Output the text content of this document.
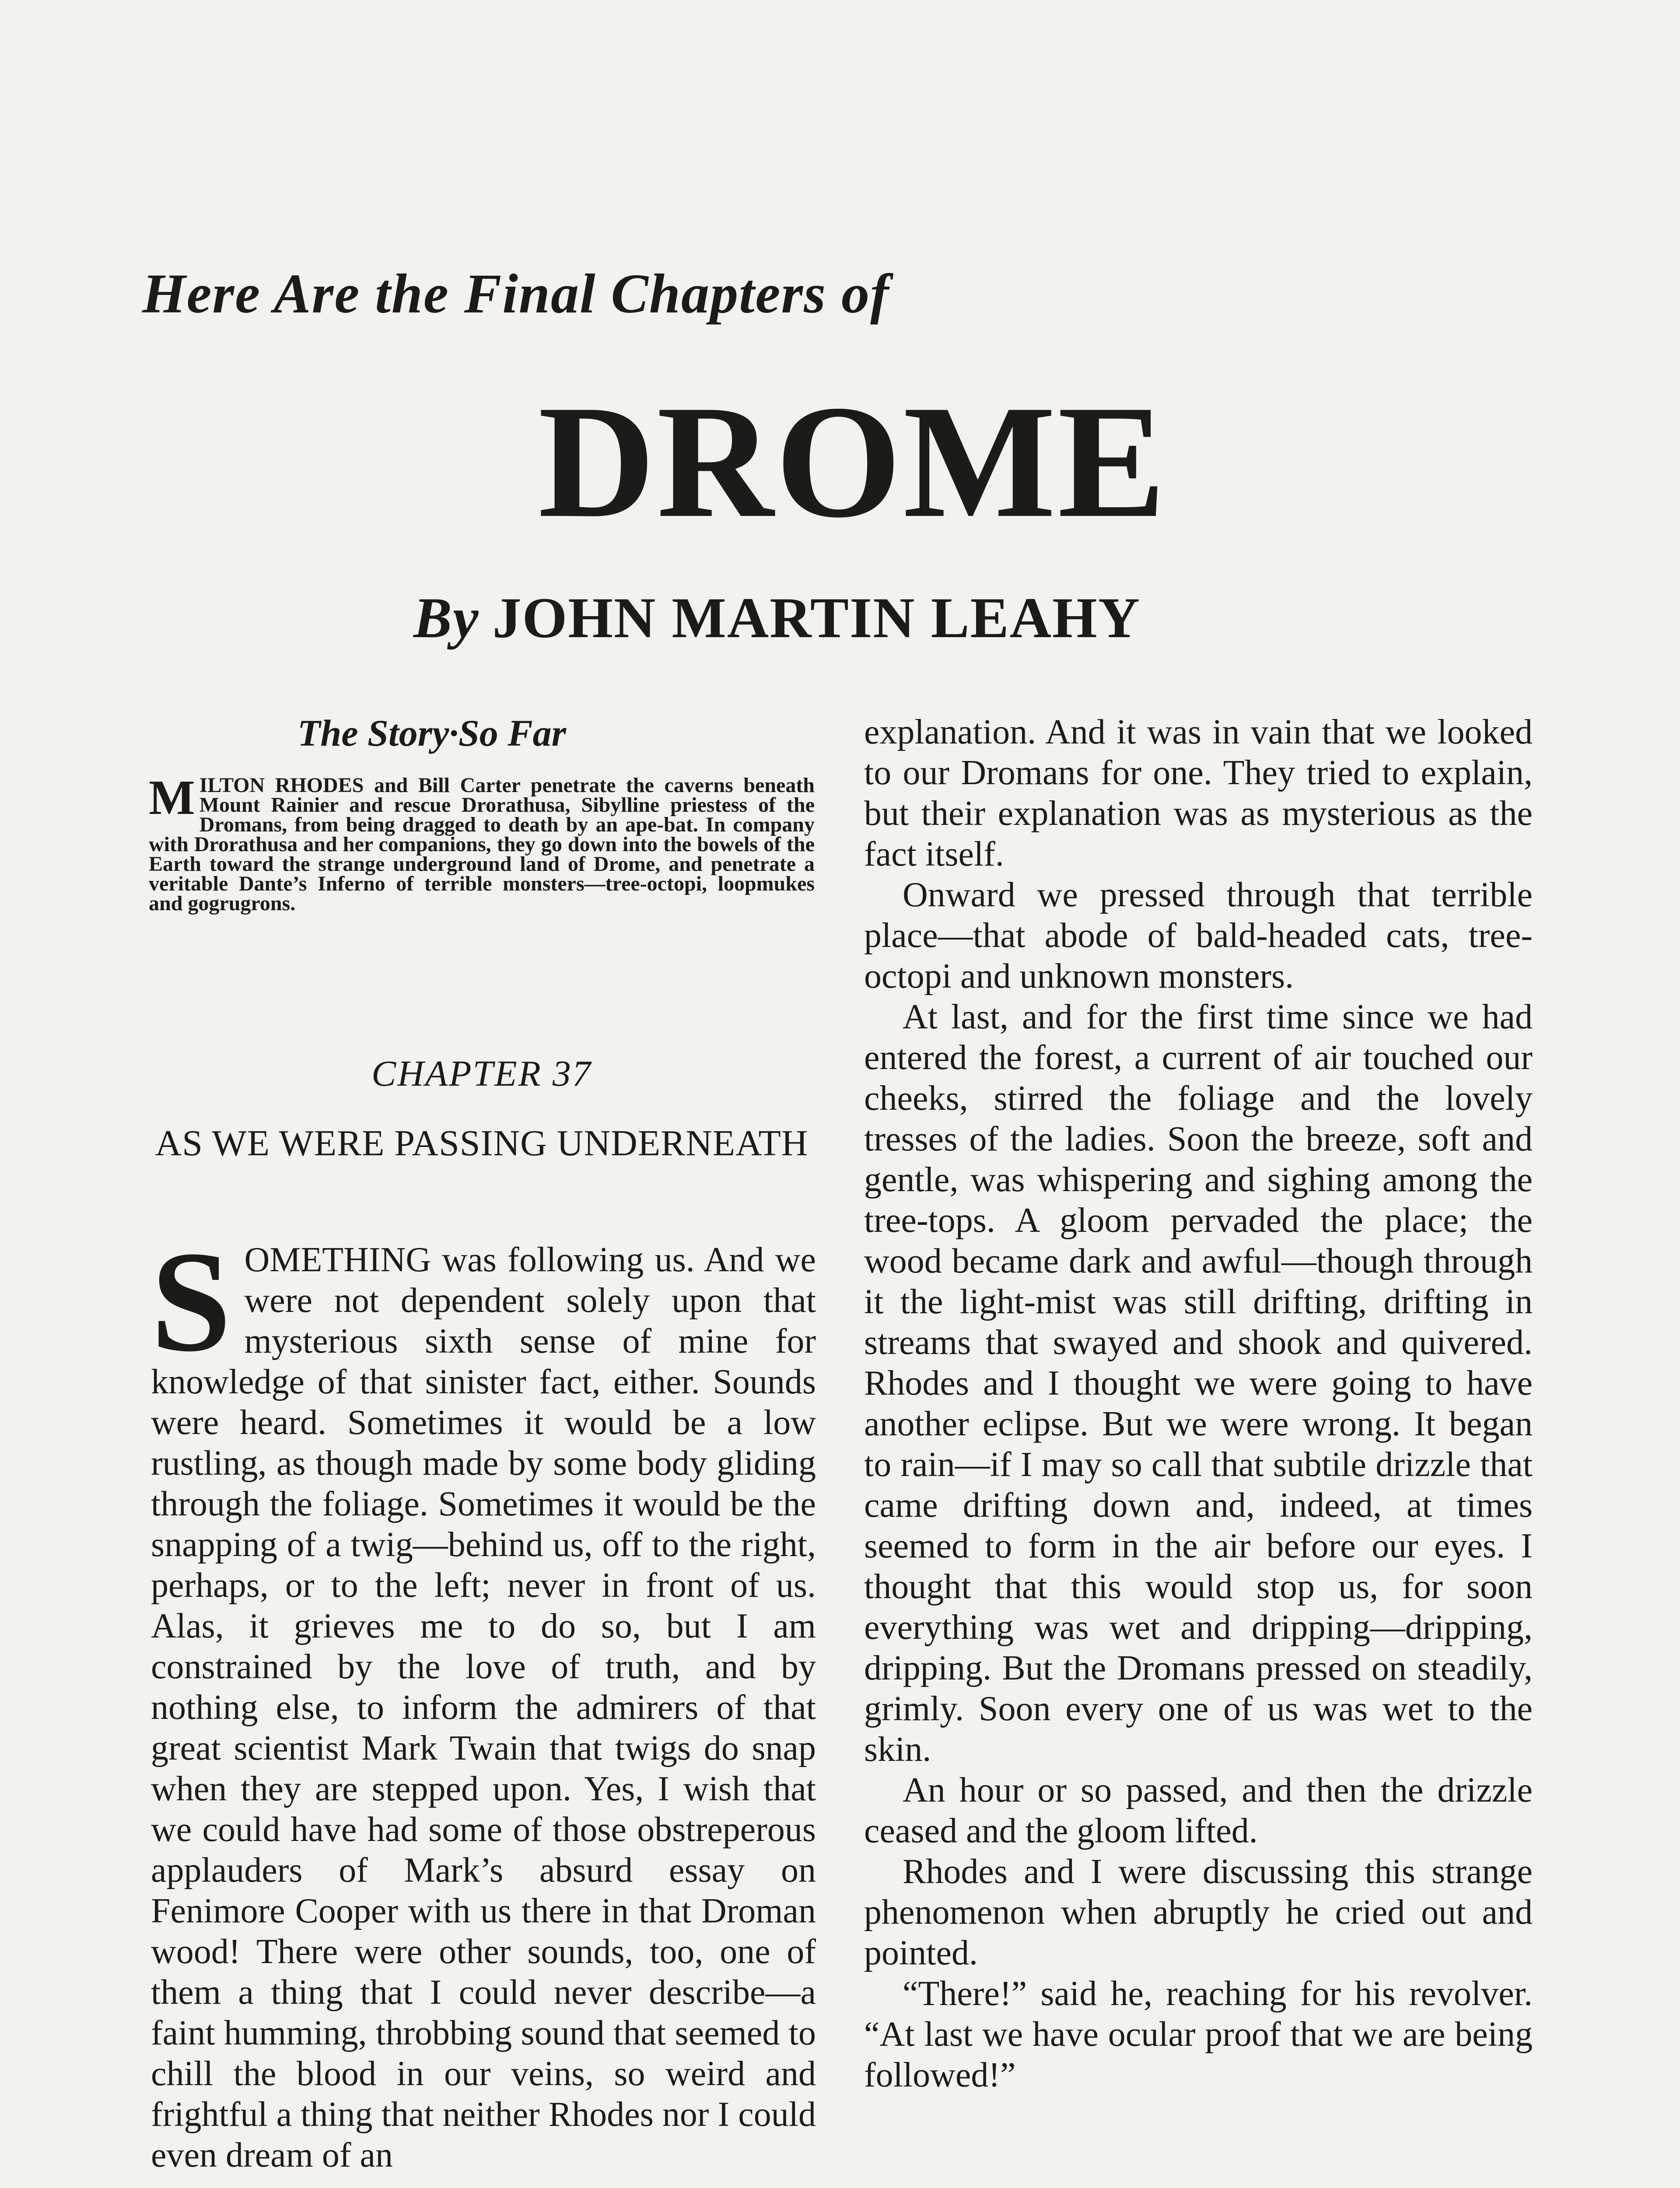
Here Are the Final Chapters of
DROME
By JOHN MARTIN LEAHY
The Story·So Far

MILTON RHODES and Bill Carter penetrate the caverns beneath Mount Rainier and rescue Drorathusa, Sibylline priestess of the Dromans, from being dragged to death by an ape-bat. In company with Drorathusa and her companions, they go down into the bowels of the Earth toward the strange underground land of Drome, and penetrate a veritable Dante’s Inferno of terrible monsters—tree-octopi, loopmukes and gogrugrons.

CHAPTER 37
AS WE WERE PASSING UNDERNEATH

SOMETHING was following us. And we were not dependent solely upon that mysterious sixth sense of mine for knowledge of that sinister fact, either. Sounds were heard. Sometimes it would be a low rustling, as though made by some body gliding through the foliage. Sometimes it would be the snapping of a twig—behind us, off to the right, perhaps, or to the left; never in front of us. Alas, it grieves me to do so, but I am constrained by the love of truth, and by nothing else, to inform the admirers of that great scientist Mark Twain that twigs do snap when they are stepped upon. Yes, I wish that we could have had some of those obstreperous applauders of Mark’s absurd essay on Fenimore Cooper with us there in that Droman wood! There were other sounds, too, one of them a thing that I could never describe—a faint humming, throbbing sound that seemed to chill the blood in our veins, so weird and frightful a thing that neither Rhodes nor I could even dream of an

explanation. And it was in vain that we looked to our Dromans for one. They tried to explain, but their explanation was as mysterious as the fact itself.

Onward we pressed through that terrible place—that abode of bald-headed cats, tree-octopi and unknown monsters.

At last, and for the first time since we had entered the forest, a current of air touched our cheeks, stirred the foliage and the lovely tresses of the ladies. Soon the breeze, soft and gentle, was whispering and sighing among the tree-tops. A gloom pervaded the place; the wood became dark and awful—though through it the light-mist was still drifting, drifting in streams that swayed and shook and quivered. Rhodes and I thought we were going to have another eclipse. But we were wrong. It began to rain—if I may so call that subtile drizzle that came drifting down and, indeed, at times seemed to form in the air before our eyes. I thought that this would stop us, for soon everything was wet and dripping—dripping, dripping. But the Dromans pressed on steadily, grimly. Soon every one of us was wet to the skin.

An hour or so passed, and then the drizzle ceased and the gloom lifted.

Rhodes and I were discussing this strange phenomenon when abruptly he cried out and pointed.

“There!” said he, reaching for his revolver. “At last we have ocular proof that we are being followed!”
